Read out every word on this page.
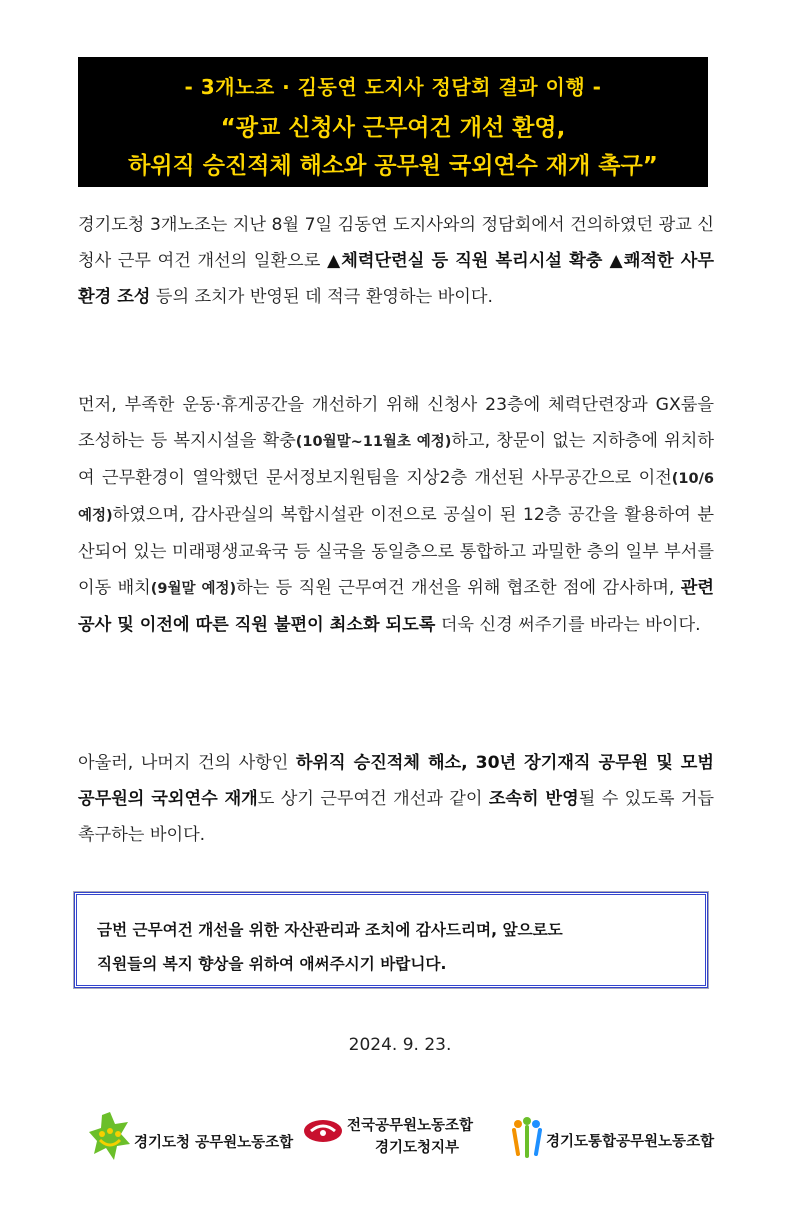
- 3개노조 · 김동연 도지사 정담회 결과 이행 -
“광교 신청사 근무여건 개선 환영,
하위직 승진적체 해소와 공무원 국외연수 재개 촉구”
경기도청 3개노조는 지난 8월 7일 김동연 도지사와의 정담회에서 건의하였던 광교 신청사 근무 여건 개선의 일환으로 ▲체력단련실 등 직원 복리시설 확충 ▲쾌적한 사무환경 조성 등의 조치가 반영된 데 적극 환영하는 바이다.
먼저, 부족한 운동·휴게공간을 개선하기 위해 신청사 23층에 체력단련장과 GX룸을 조성하는 등 복지시설을 확충(10월말~11월초 예정)하고, 창문이 없는 지하층에 위치하여 근무환경이 열악했던 문서정보지원팀을 지상2층 개선된 사무공간으로 이전(10/6 예정)하였으며, 감사관실의 복합시설관 이전으로 공실이 된 12층 공간을 활용하여 분산되어 있는 미래평생교육국 등 실국을 동일층으로 통합하고 과밀한 층의 일부 부서를 이동 배치(9월말 예정)하는 등 직원 근무여건 개선을 위해 협조한 점에 감사하며, 관련 공사 및 이전에 따른 직원 불편이 최소화 되도록 더욱 신경 써주기를 바라는 바이다.
아울러, 나머지 건의 사항인 하위직 승진적체 해소, 30년 장기재직 공무원 및 모범 공무원의 국외연수 재개도 상기 근무여건 개선과 같이 조속히 반영될 수 있도록 거듭 촉구하는 바이다.
금번 근무여건 개선을 위한 자산관리과 조치에 감사드리며, 앞으로도
직원들의 복지 향상을 위하여 애써주시기 바랍니다.
2024. 9. 23.
경기도청 공무원노동조합
전국공무원노동조합
경기도청지부	경기도통합공무원노동조합
